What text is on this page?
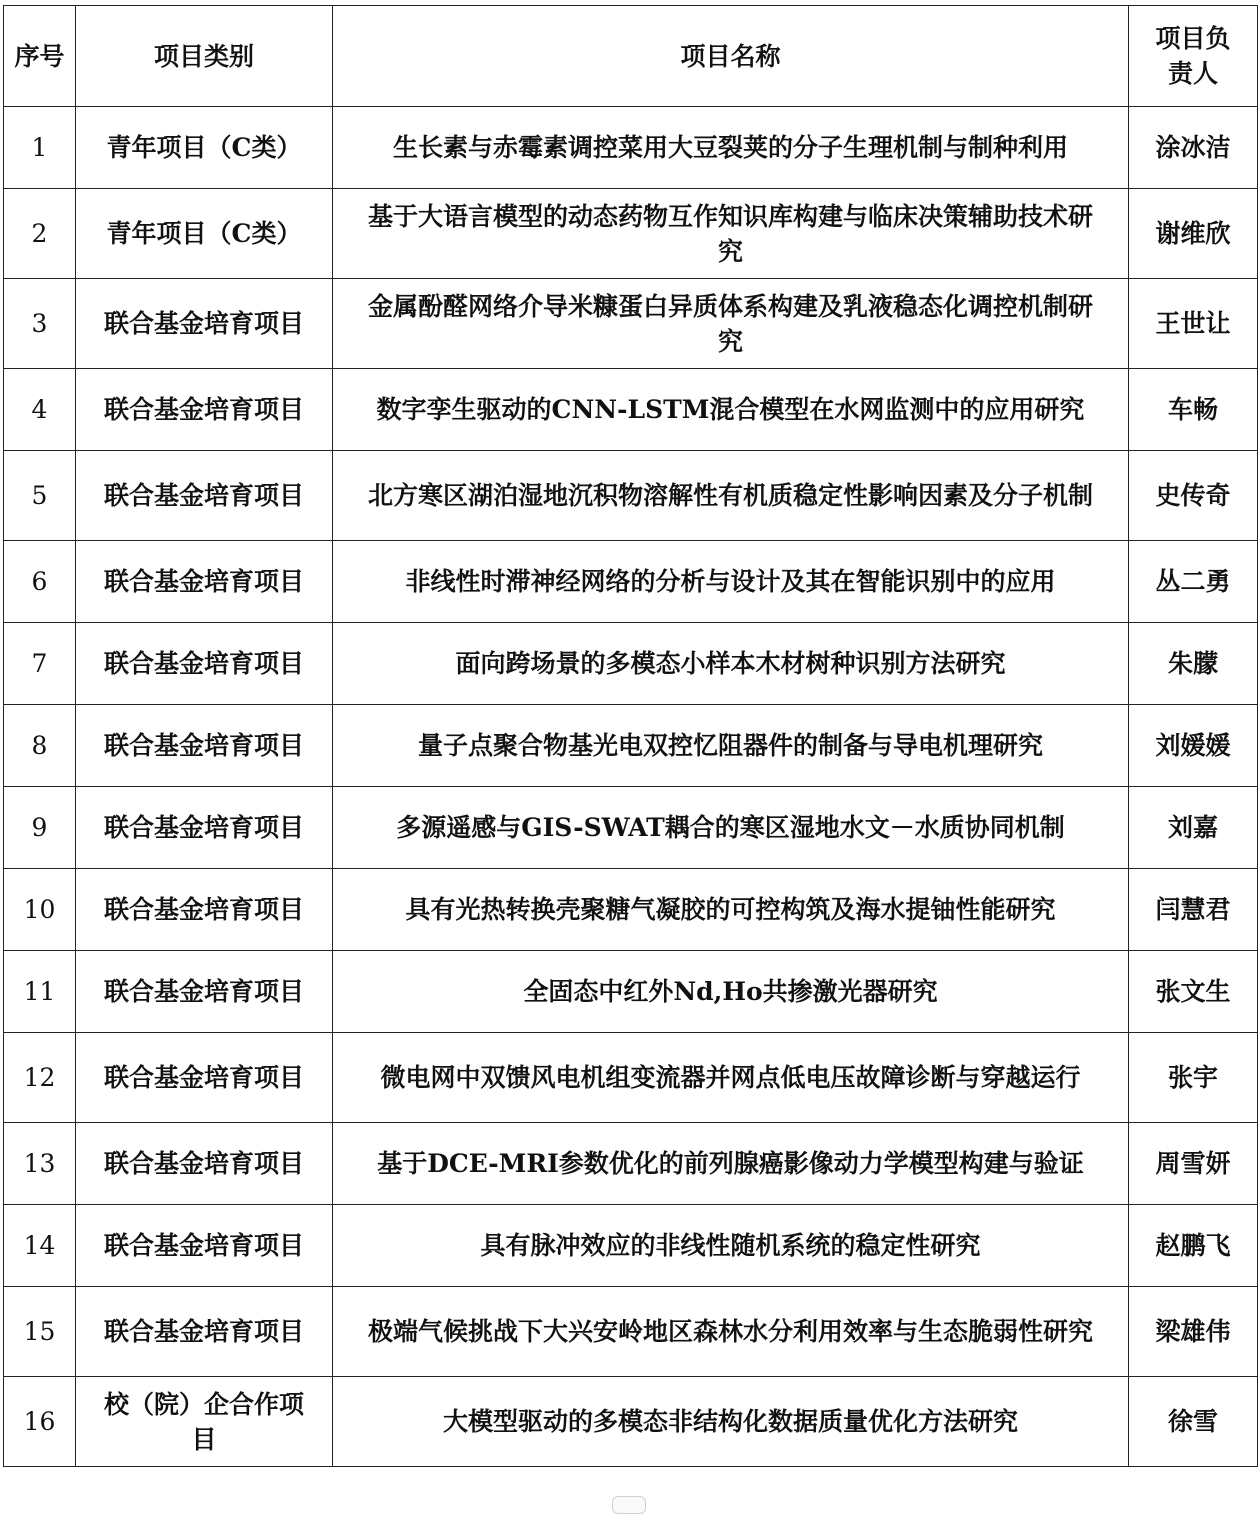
序号	项目类别	项目名称	项目负责人
1	青年项目（C类）	生长素与赤霉素调控菜用大豆裂荚的分子生理机制与制种利用	涂冰洁
2	青年项目（C类）	基于大语言模型的动态药物互作知识库构建与临床决策辅助技术研究	谢维欣
3	联合基金培育项目	金属酚醛网络介导米糠蛋白异质体系构建及乳液稳态化调控机制研究	王世让
4	联合基金培育项目	数字孪生驱动的CNN-LSTM混合模型在水网监测中的应用研究	车畅
5	联合基金培育项目	北方寒区湖泊湿地沉积物溶解性有机质稳定性影响因素及分子机制	史传奇
6	联合基金培育项目	非线性时滞神经网络的分析与设计及其在智能识别中的应用	丛二勇
7	联合基金培育项目	面向跨场景的多模态小样本木材树种识别方法研究	朱朦
8	联合基金培育项目	量子点聚合物基光电双控忆阻器件的制备与导电机理研究	刘媛媛
9	联合基金培育项目	多源遥感与GIS-SWAT耦合的寒区湿地水文－水质协同机制	刘嘉
10	联合基金培育项目	具有光热转换壳聚糖气凝胶的可控构筑及海水提铀性能研究	闫慧君
11	联合基金培育项目	全固态中红外Nd,Ho共掺激光器研究	张文生
12	联合基金培育项目	微电网中双馈风电机组变流器并网点低电压故障诊断与穿越运行	张宇
13	联合基金培育项目	基于DCE-MRI参数优化的前列腺癌影像动力学模型构建与验证	周雪妍
14	联合基金培育项目	具有脉冲效应的非线性随机系统的稳定性研究	赵鹏飞
15	联合基金培育项目	极端气候挑战下大兴安岭地区森林水分利用效率与生态脆弱性研究	梁雄伟
16	校（院）企合作项目	大模型驱动的多模态非结构化数据质量优化方法研究	徐雪
